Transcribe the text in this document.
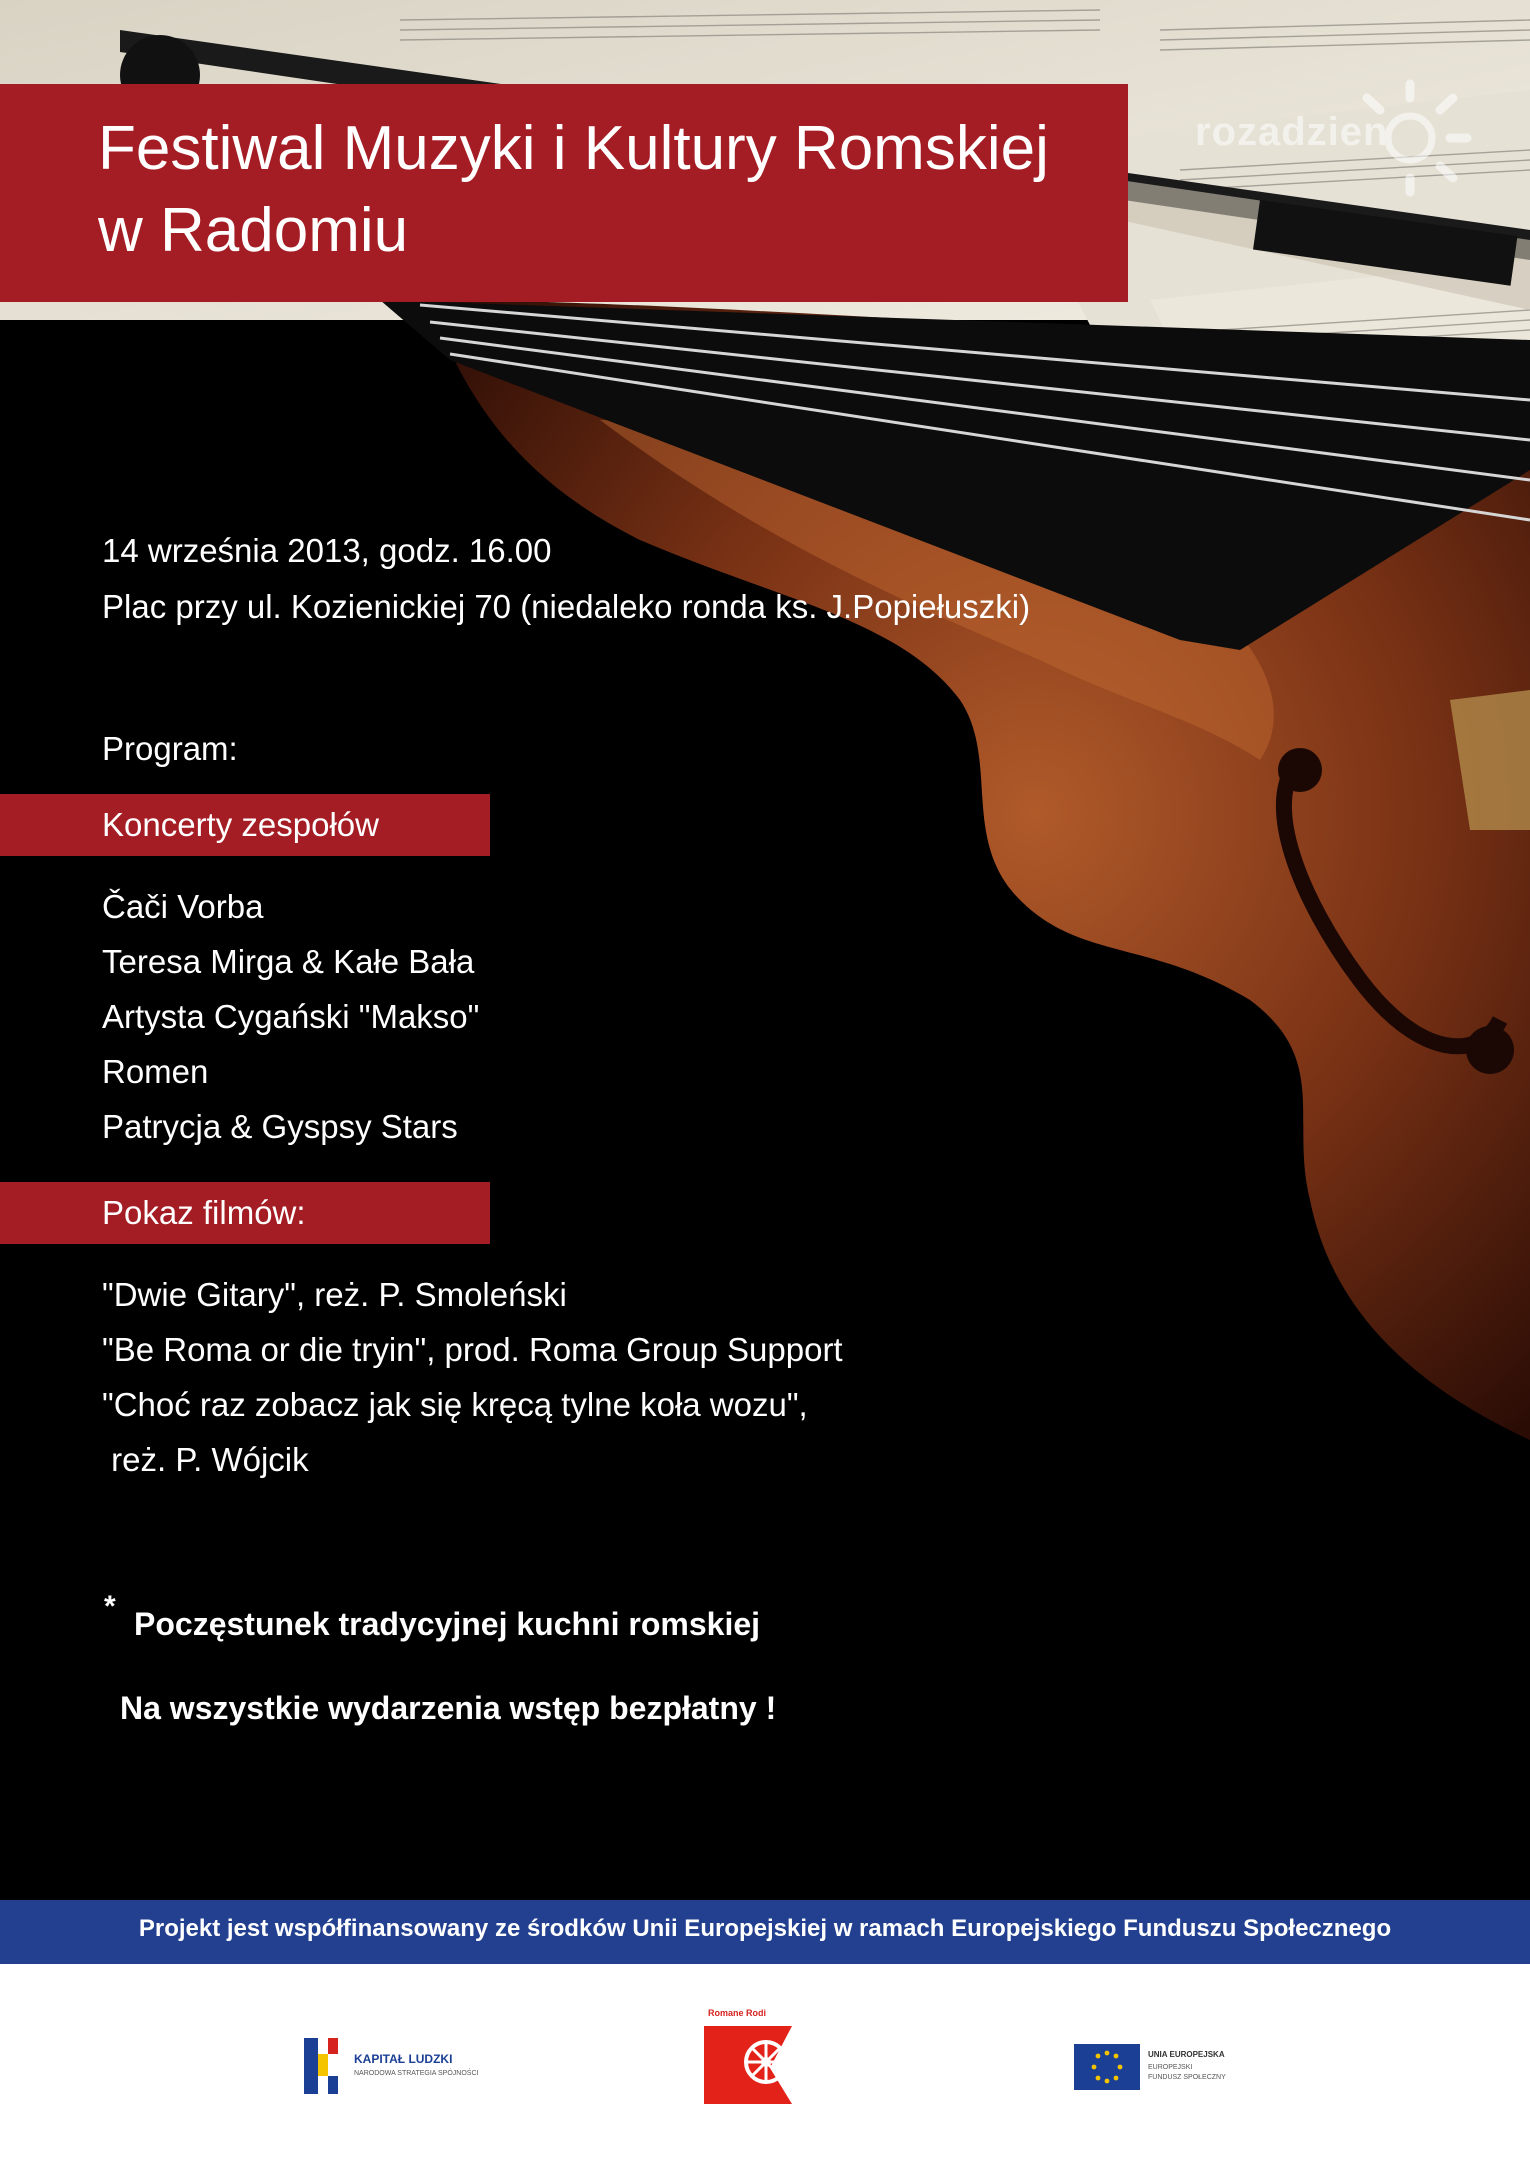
rozadzien
Festiwal Muzyki i Kultury Romskiej
w Radomiu
14 września 2013, godz. 16.00
Plac przy ul. Kozienickiej 70 (niedaleko ronda ks. J.Popiełuszki)
Program:
Koncerty zespołów
Čači Vorba
Teresa Mirga & Kałe Bała
Artysta Cygański "Makso"
Romen
Patrycja & Gyspsy Stars
Pokaz filmów:
"Dwie Gitary", reż. P. Smoleński
"Be Roma or die tryin", prod. Roma Group Support
"Choć raz zobacz jak się kręcą tylne koła wozu",
reż. P. Wójcik
* Poczęstunek tradycyjnej kuchni romskiej
Na wszystkie wydarzenia wstęp bezpłatny !
Projekt jest współfinansowany ze środków Unii Europejskiej w ramach Europejskiego Funduszu Społecznego
KAPITAŁ LUDZKI
NARODOWA STRATEGIA SPÓJNOŚCI
Romane Rodi
UNIA EUROPEJSKA
EUROPEJSKI
FUNDUSZ SPOŁECZNY
